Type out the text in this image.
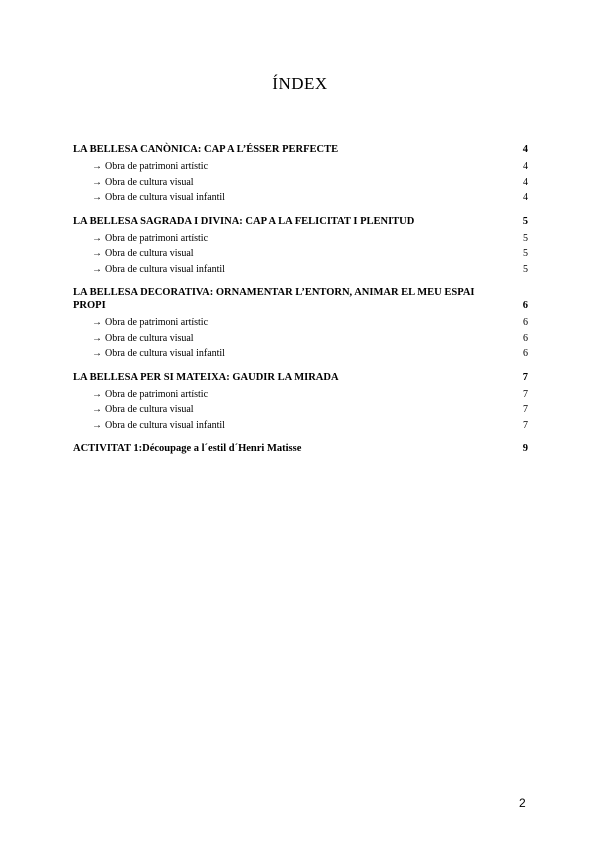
ÍNDEX
LA BELLESA CANÒNICA: CAP A L’ÉSSER PERFECTE	4
→ Obra de patrimoni artístic	4
→ Obra de cultura visual	4
→ Obra de cultura visual infantil	4
LA BELLESA SAGRADA I DIVINA: CAP A LA FELICITAT I PLENITUD	5
→ Obra de patrimoni artístic	5
→ Obra de cultura visual	5
→ Obra de cultura visual infantil	5
LA BELLESA DECORATIVA: ORNAMENTAR L’ENTORN, ANIMAR EL MEU ESPAI PROPI	6
→ Obra de patrimoni artístic	6
→ Obra de cultura visual	6
→ Obra de cultura visual infantil	6
LA BELLESA PER SI MATEIXA: GAUDIR LA MIRADA	7
→ Obra de patrimoni artístic	7
→ Obra de cultura visual	7
→ Obra de cultura visual infantil	7
ACTIVITAT 1:Découpage a l´estil d´Henri Matisse	9
2
